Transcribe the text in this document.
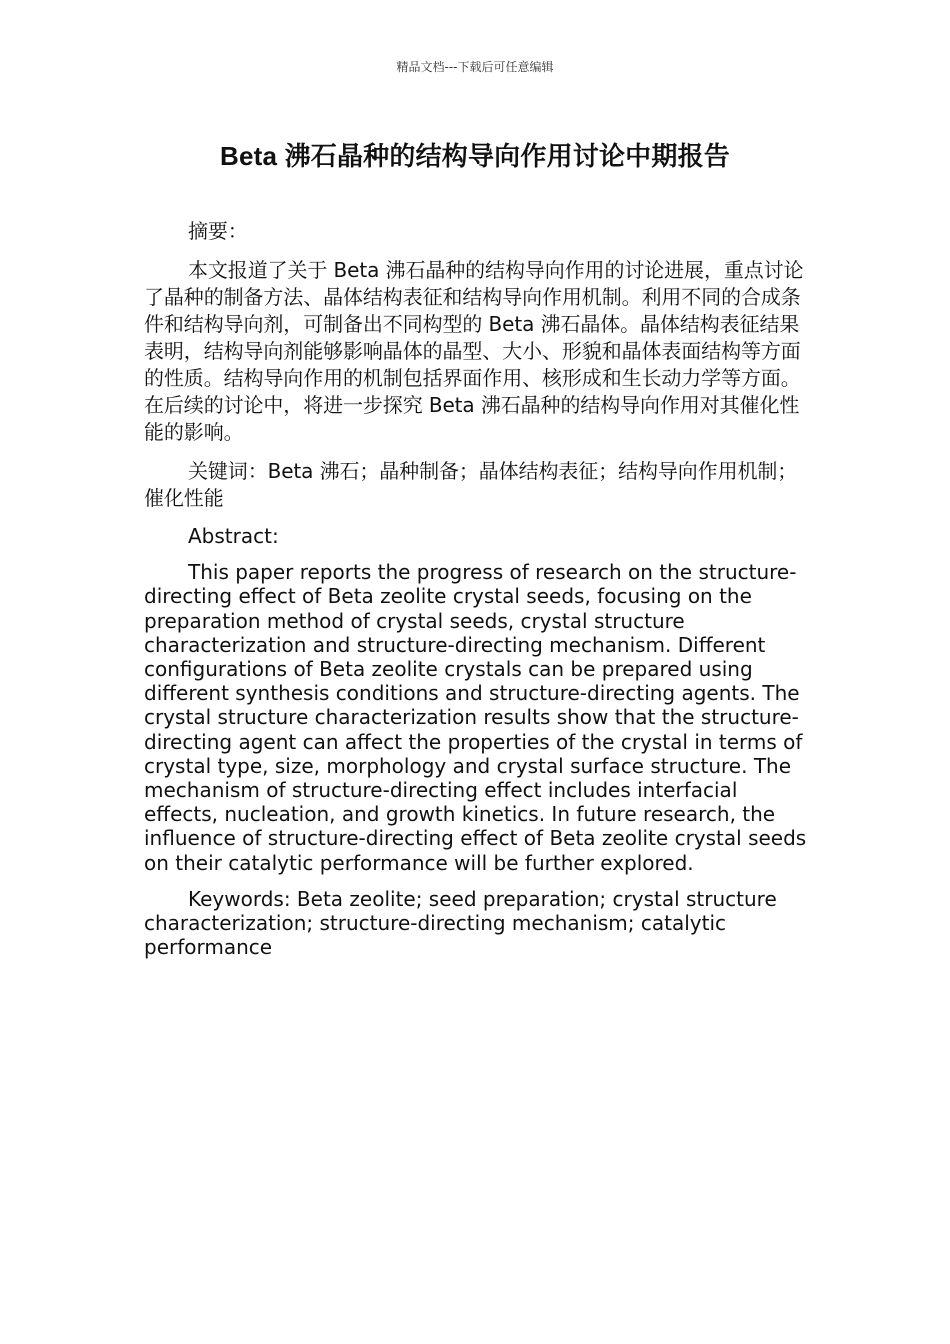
精品文档---下载后可任意编辑
Beta 沸石晶种的结构导向作用讨论中期报告

摘要：

本文报道了关于 Beta 沸石晶种的结构导向作用的讨论进展，重点讨论了晶种的制备方法、晶体结构表征和结构导向作用机制。利用不同的合成条件和结构导向剂，可制备出不同构型的 Beta 沸石晶体。晶体结构表征结果表明，结构导向剂能够影响晶体的晶型、大小、形貌和晶体表面结构等方面的性质。结构导向作用的机制包括界面作用、核形成和生长动力学等方面。在后续的讨论中，将进一步探究 Beta 沸石晶种的结构导向作用对其催化性能的影响。

关键词：Beta 沸石；晶种制备；晶体结构表征；结构导向作用机制；催化性能

Abstract:

This paper reports the progress of research on the structure-directing effect of Beta zeolite crystal seeds, focusing on the preparation method of crystal seeds, crystal structure characterization and structure-directing mechanism. Different configurations of Beta zeolite crystals can be prepared using different synthesis conditions and structure-directing agents. The crystal structure characterization results show that the structure-directing agent can affect the properties of the crystal in terms of crystal type, size, morphology and crystal surface structure. The mechanism of structure-directing effect includes interfacial effects, nucleation, and growth kinetics. In future research, the influence of structure-directing effect of Beta zeolite crystal seeds on their catalytic performance will be further explored.

Keywords: Beta zeolite; seed preparation; crystal structure characterization; structure-directing mechanism; catalytic performance
